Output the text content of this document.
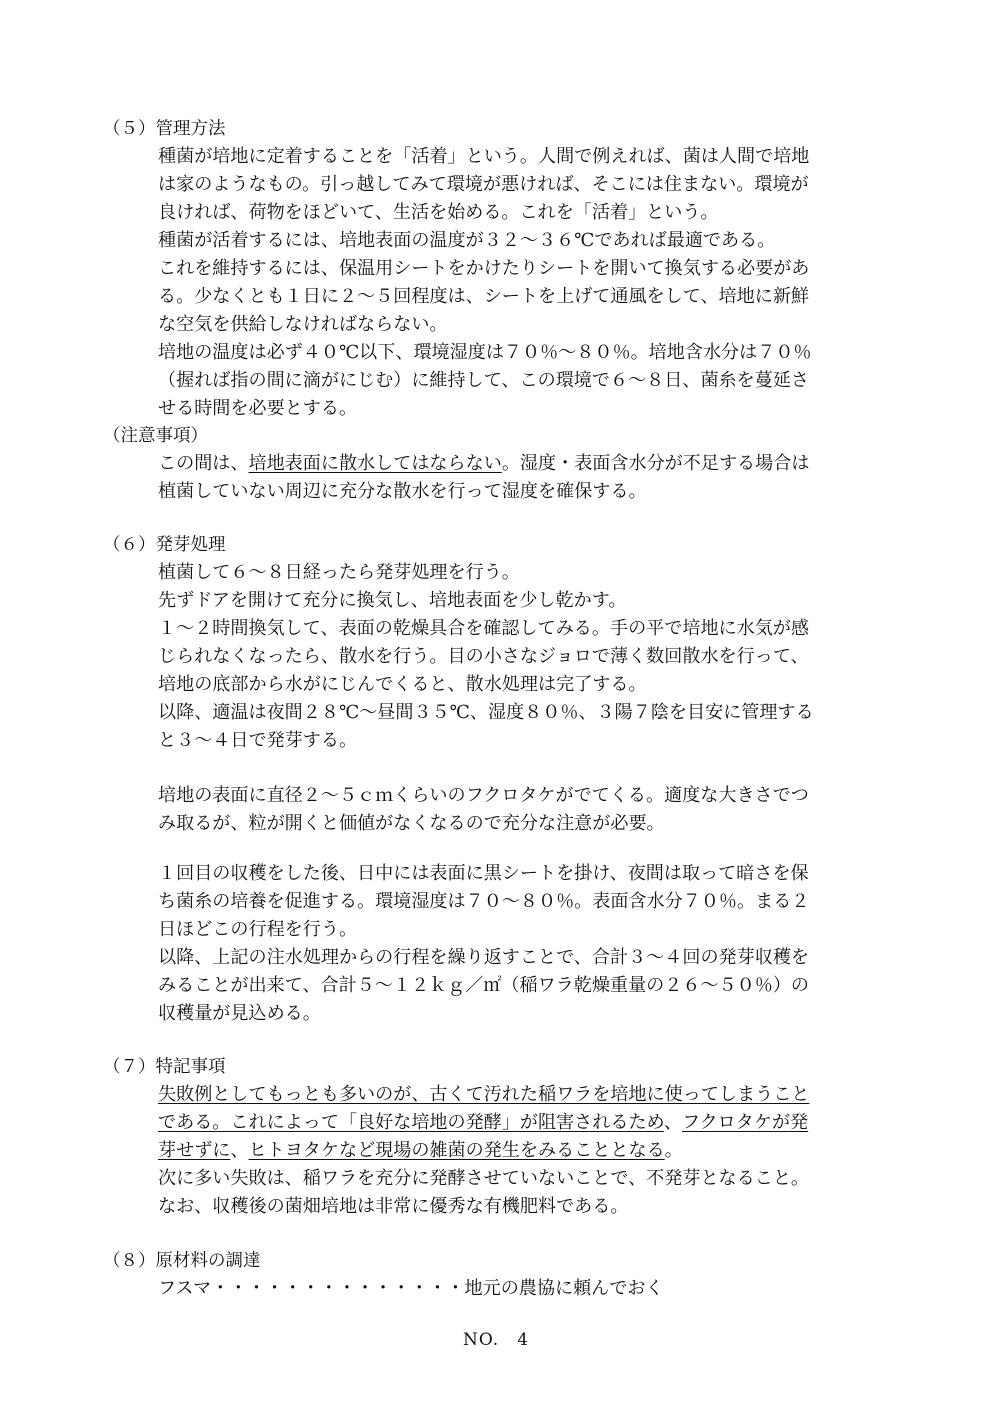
（５）管理方法
種菌が培地に定着することを「活着」という。人間で例えれば、菌は人間で培地
は家のようなもの。引っ越してみて環境が悪ければ、そこには住まない。環境が
良ければ、荷物をほどいて、生活を始める。これを「活着」という。
種菌が活着するには、培地表面の温度が３２～３６℃であれば最適である。
これを維持するには、保温用シートをかけたりシートを開いて換気する必要があ
る。少なくとも１日に２～５回程度は、シートを上げて通風をして、培地に新鮮
な空気を供給しなければならない。
培地の温度は必ず４０℃以下、環境湿度は７０％～８０％。培地含水分は７０％
（握れば指の間に滴がにじむ）に維持して、この環境で６～８日、菌糸を蔓延さ
せる時間を必要とする。
（注意事項）
この間は、培地表面に散水してはならない。湿度・表面含水分が不足する場合は
植菌していない周辺に充分な散水を行って湿度を確保する。
（６）発芽処理
植菌して６～８日経ったら発芽処理を行う。
先ずドアを開けて充分に換気し、培地表面を少し乾かす。
１～２時間換気して、表面の乾燥具合を確認してみる。手の平で培地に水気が感
じられなくなったら、散水を行う。目の小さなジョロで薄く数回散水を行って、
培地の底部から水がにじんでくると、散水処理は完了する。
以降、適温は夜間２８℃～昼間３５℃、湿度８０％、３陽７陰を目安に管理する
と３～４日で発芽する。
培地の表面に直径２～５ｃｍくらいのフクロタケがでてくる。適度な大きさでつ
み取るが、粒が開くと価値がなくなるので充分な注意が必要。
１回目の収穫をした後、日中には表面に黒シートを掛け、夜間は取って暗さを保
ち菌糸の培養を促進する。環境湿度は７０～８０％。表面含水分７０％。まる２
日ほどこの行程を行う。
以降、上記の注水処理からの行程を繰り返すことで、合計３～４回の発芽収穫を
みることが出来て、合計５～１２ｋｇ／㎡（稲ワラ乾燥重量の２６～５０％）の
収穫量が見込める。
（７）特記事項
失敗例としてもっとも多いのが、古くて汚れた稲ワラを培地に使ってしまうこと
である。これによって「良好な培地の発酵」が阻害されるため、フクロタケが発
芽せずに、ヒトヨタケなど現場の雑菌の発生をみることとなる。
次に多い失敗は、稲ワラを充分に発酵させていないことで、不発芽となること。
なお、収穫後の菌畑培地は非常に優秀な有機肥料である。
（８）原材料の調達
フスマ・・・・・・・・・・・・・・地元の農協に頼んでおく
NO.　4
